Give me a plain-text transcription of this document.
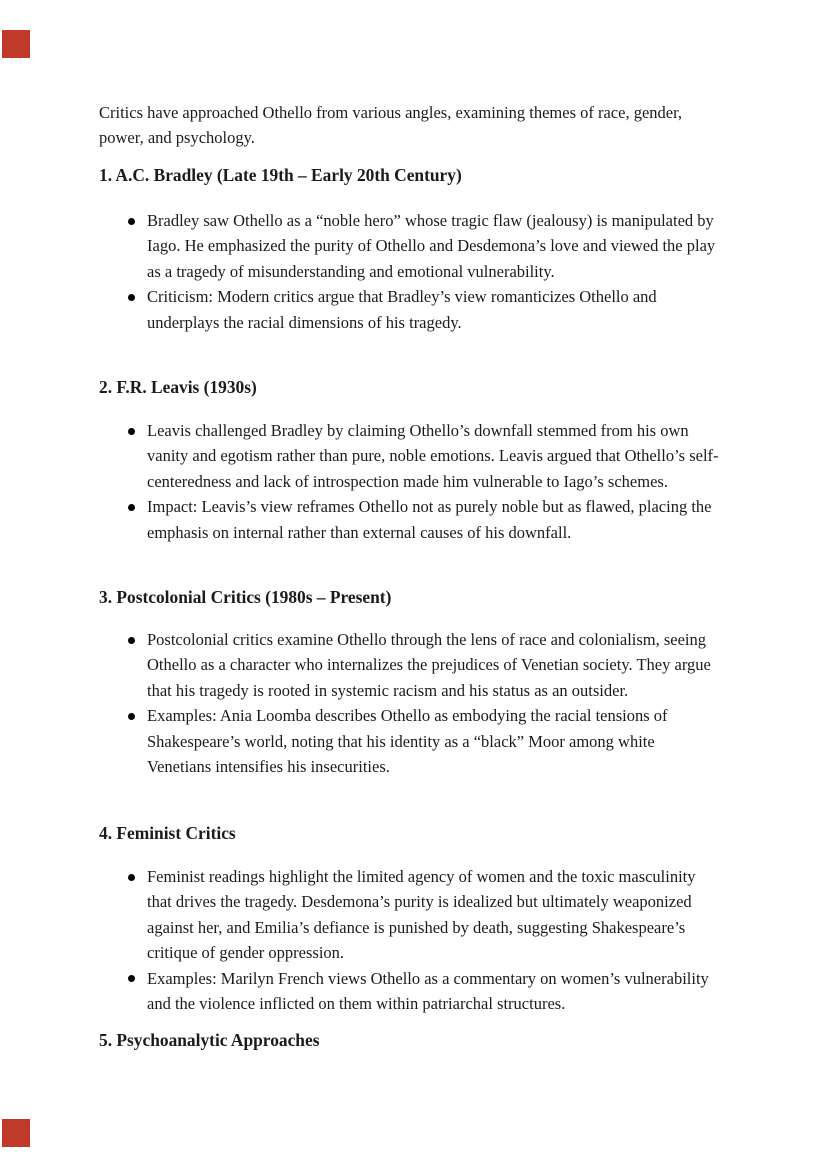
Critics have approached Othello from various angles, examining themes of race, gender, power, and psychology.

1. A.C. Bradley (Late 19th – Early 20th Century)
Bradley saw Othello as a “noble hero” whose tragic flaw (jealousy) is manipulated by Iago. He emphasized the purity of Othello and Desdemona’s love and viewed the play as a tragedy of misunderstanding and emotional vulnerability.
Criticism: Modern critics argue that Bradley’s view romanticizes Othello and underplays the racial dimensions of his tragedy.
2. F.R. Leavis (1930s)
Leavis challenged Bradley by claiming Othello’s downfall stemmed from his own vanity and egotism rather than pure, noble emotions. Leavis argued that Othello’s self-centeredness and lack of introspection made him vulnerable to Iago’s schemes.
Impact: Leavis’s view reframes Othello not as purely noble but as flawed, placing the emphasis on internal rather than external causes of his downfall.
3. Postcolonial Critics (1980s – Present)
Postcolonial critics examine Othello through the lens of race and colonialism, seeing Othello as a character who internalizes the prejudices of Venetian society. They argue that his tragedy is rooted in systemic racism and his status as an outsider.
Examples: Ania Loomba describes Othello as embodying the racial tensions of Shakespeare’s world, noting that his identity as a “black” Moor among white Venetians intensifies his insecurities.
4. Feminist Critics
Feminist readings highlight the limited agency of women and the toxic masculinity that drives the tragedy. Desdemona’s purity is idealized but ultimately weaponized against her, and Emilia’s defiance is punished by death, suggesting Shakespeare’s critique of gender oppression.
Examples: Marilyn French views Othello as a commentary on women’s vulnerability and the violence inflicted on them within patriarchal structures.
5. Psychoanalytic Approaches
